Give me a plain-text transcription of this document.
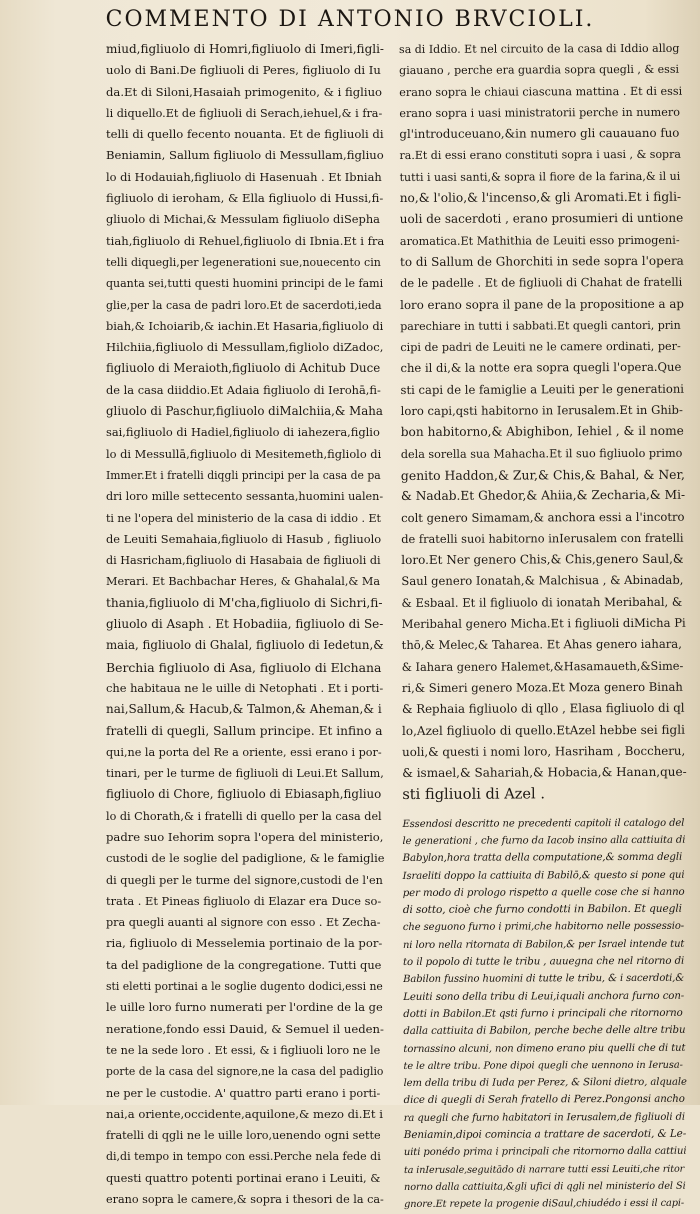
COMMENTO DI ANTONIO BRVCIOLI.
miud,figliuolo di Homri,figliuolo di Imeri,figli-
uolo di Bani.De figliuoli di Peres, figliuolo di Iu
da.Et di Siloni,Hasaiah primogenito, & i figliuo
li diquello.Et de figliuoli di Serach,iehuel,& i fra-
telli di quello fecento nouanta. Et de figliuoli di
Beniamin, Sallum figliuolo di Messullam,figliuo
lo di Hodauiah,figliuolo di Hasenuah . Et Ibniah
figliuolo di ieroham, & Ella figliuolo di Hussi,fi-
gliuolo di Michai,& Messulam figliuolo diSepha
tiah,figliuolo di Rehuel,figliuolo di Ibnia.Et i fra
telli diquegli,per legenerationi sue,nouecento cin
quanta sei,tutti questi huomini principi de le fami
glie,per la casa de padri loro.Et de sacerdoti,ieda
biah,& Ichoiarib,& iachin.Et Hasaria,figliuolo di
Hilchiia,figliuolo di Messullam,figliolo diZadoc,
figliuolo di Meraioth,figliuolo di Achitub Duce
de la casa diiddio.Et Adaia figliuolo di Ierohā,fi-
gliuolo di Paschur,figliuolo diMalchiia,& Maha
sai,figliuolo di Hadiel,figliuolo di iahezera,figlio
lo di Messullā,figliuolo di Mesitemeth,figliolo di
Immer.Et i fratelli diqgli principi per la casa de pa
dri loro mille settecento sessanta,huomini ualen-
ti ne l'opera del ministerio de la casa di iddio . Et
de Leuiti Semahaia,figliuolo di Hasub , figliuolo
di Hasricham,figliuolo di Hasabaia de figliuoli di
Merari. Et Bachbachar Heres, & Ghahalal,& Ma
thania,figliuolo di M'cha,figliuolo di Sichri,fi-
gliuolo di Asaph . Et Hobadiia, figliuolo di Se-
maia, figliuolo di Ghalal, figliuolo di Iedetun,&
Berchia figliuolo di Asa, figliuolo di Elchana
che habitaua ne le uille di Netophati . Et i porti-
nai,Sallum,& Hacub,& Talmon,& Aheman,& i
fratelli di quegli, Sallum principe. Et infino a
qui,ne la porta del Re a oriente, essi erano i por-
tinari, per le turme de figliuoli di Leui.Et Sallum,
figliuolo di Chore, figliuolo di Ebiasaph,figliuo
lo di Chorath,& i fratelli di quello per la casa del
padre suo Iehorim sopra l'opera del ministerio,
custodi de le soglie del padiglione, & le famiglie
di quegli per le turme del signore,custodi de l'en
trata . Et Pineas figliuolo di Elazar era Duce so-
pra quegli auanti al signore con esso . Et Zecha-
ria, figliuolo di Messelemia portinaio de la por-
ta del padiglione de la congregatione. Tutti que
sti eletti portinai a le soglie dugento dodici,essi ne
le uille loro furno numerati per l'ordine de la ge
neratione,fondo essi Dauid, & Semuel il ueden-
te ne la sede loro . Et essi, & i figliuoli loro ne le
porte de la casa del signore,ne la casa del padiglio
ne per le custodie. A' quattro parti erano i porti-
nai,a oriente,occidente,aquilone,& mezo di.Et i
fratelli di qgli ne le uille loro,uenendo ogni sette
di,di tempo in tempo con essi.Perche nela fede di
questi quattro potenti portinai erano i Leuiti, &
erano sopra le camere,& sopra i thesori de la ca-
sa di Iddio. Et nel circuito de la casa di Iddio allog
giauano , perche era guardia sopra quegli , & essi
erano sopra le chiaui ciascuna mattina . Et di essi
erano sopra i uasi ministratorii perche in numero
gl'introduceuano,&in numero gli cauauano fuo
ra.Et di essi erano constituti sopra i uasi , & sopra
tutti i uasi santi,& sopra il fiore de la farina,& il ui
no,& l'olio,& l'incenso,& gli Aromati.Et i figli-
uoli de sacerdoti , erano prosumieri di untione
aromatica.Et Mathithia de Leuiti esso primogeni-
to di Sallum de Ghorchiti in sede sopra l'opera
de le padelle . Et de figliuoli di Chahat de fratelli
loro erano sopra il pane de la propositione a ap
parechiare in tutti i sabbati.Et quegli cantori, prin
cipi de padri de Leuiti ne le camere ordinati, per-
che il di,& la notte era sopra quegli l'opera.Que
sti capi de le famiglie a Leuiti per le generationi
loro capi,qsti habitorno in Ierusalem.Et in Ghib-
bon habitorno,& Abighibon, Iehiel , & il nome
dela sorella sua Mahacha.Et il suo figliuolo primo
genito Haddon,& Zur,& Chis,& Bahal, & Ner,
& Nadab.Et Ghedor,& Ahiia,& Zecharia,& Mi-
colt genero Simamam,& anchora essi a l'incotro
de fratelli suoi habitorno inIerusalem con fratelli
loro.Et Ner genero Chis,& Chis,genero Saul,&
Saul genero Ionatah,& Malchisua , & Abinadab,
& Esbaal. Et il figliuolo di ionatah Meribahal, &
Meribahal genero Micha.Et i figliuoli diMicha Pi
thō,& Melec,& Taharea. Et Ahas genero iahara,
& Iahara genero Halemet,&Hasamaueth,&Sime-
ri,& Simeri genero Moza.Et Moza genero Binah
& Rephaia figliuolo di qllo , Elasa figliuolo di ql
lo,Azel figliuolo di quello.EtAzel hebbe sei figli
uoli,& questi i nomi loro, Hasriham , Boccheru,
& ismael,& Sahariah,& Hobacia,& Hanan,que-
sti figliuoli di Azel .
Essendosi descritto ne precedenti capitoli il catalogo del
le generationi , che furno da Iacob insino alla cattiuita di
Babylon,hora tratta della computatione,& somma degli
Israeliti doppo la cattiuita di Babilō,& questo si pone qui
per modo di prologo rispetto a quelle cose che si hanno
di sotto, cioè che furno condotti in Babilon. Et quegli
che seguono furno i primi,che habitorno nelle possessio-
ni loro nella ritornata di Babilon,& per Israel intende tut
to il popolo di tutte le tribu , auuegna che nel ritorno di
Babilon fussino huomini di tutte le tribu, & i sacerdoti,&
Leuiti sono della tribu di Leui,iquali anchora furno con-
dotti in Babilon.Et qsti furno i principali che ritornorno
dalla cattiuita di Babilon, perche beche delle altre tribu
tornassino alcuni, non dimeno erano piu quelli che di tut
te le altre tribu. Pone dipoi quegli che uennono in Ierusa-
lem della tribu di Iuda per Perez, & Siloni dietro, alquale
dice di quegli di Serah fratello di Perez.Pongonsi ancho
ra quegli che furno habitatori in Ierusalem,de figliuoli di
Beniamin,dipoi comincia a trattare de sacerdoti, & Le-
uiti ponédo prima i principali che ritornorno dalla cattiui
ta inIerusale,seguitādo di narrare tutti essi Leuiti,che ritor
norno dalla cattiuita,&gli ufici di qgli nel ministerio del Si
gnore.Et repete la progenie diSaul,chiudédo i essi il capi-
